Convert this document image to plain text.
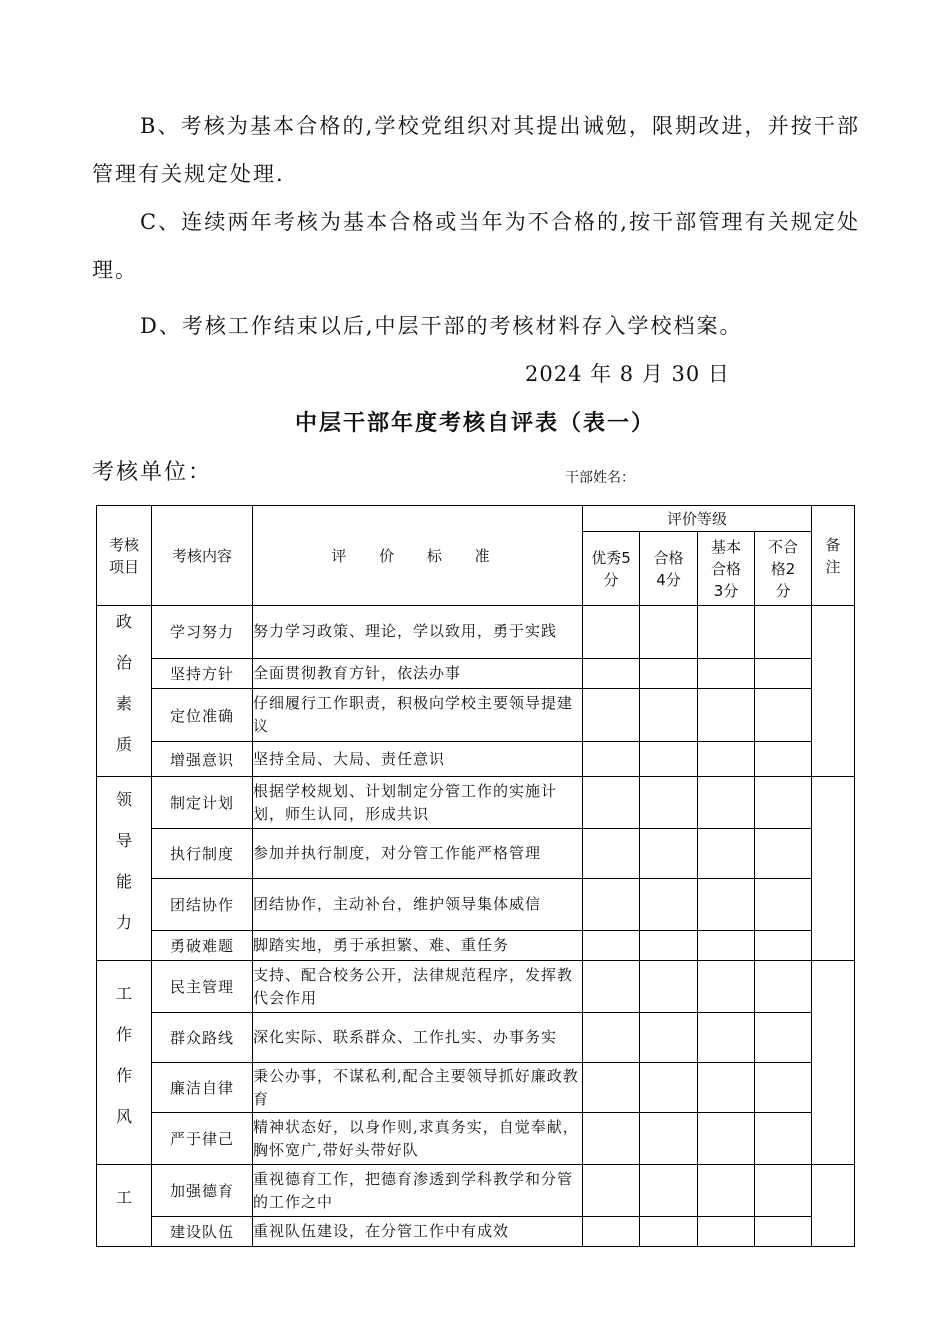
B、考核为基本合格的,学校党组织对其提出诫勉，限期改进，并按干部管理有关规定处理.

C、连续两年考核为基本合格或当年为不合格的,按干部管理有关规定处理。

D、考核工作结束以后,中层干部的考核材料存入学校档案。

2024 年 8 月 30 日
中层干部年度考核自评表（表一）
考核单位：	干部姓名：
考核项目	考核内容	评 价 标 准	评价等级				备注
			优秀5分	合格4分	基本合格3分	不合格2分	

政
治
素
质	学习努力	努力学习政策、理论，学以致用，勇于实践					
	坚持方针	全面贯彻教育方针，依法办事					
	定位准确	仔细履行工作职责，积极向学校主要领导提建议					
	增强意识	坚持全局、大局、责任意识					

领
导
能
力	制定计划	根据学校规划、计划制定分管工作的实施计划，师生认同，形成共识					
	执行制度	参加并执行制度，对分管工作能严格管理					
	团结协作	团结协作，主动补台，维护领导集体威信					
	勇破难题	脚踏实地，勇于承担繁、难、重任务					

工
作
作
风	民主管理	支持、配合校务公开，法律规范程序，发挥教代会作用					
	群众路线	深化实际、联系群众、工作扎实、办事务实					
	廉洁自律	秉公办事，不谋私利,配合主要领导抓好廉政教育					
	严于律己	精神状态好，以身作则,求真务实，自觉奉献，胸怀宽广,带好头带好队					

工	加强德育	重视德育工作，把德育渗透到学科教学和分管的工作之中					
	建设队伍	重视队伍建设，在分管工作中有成效					
